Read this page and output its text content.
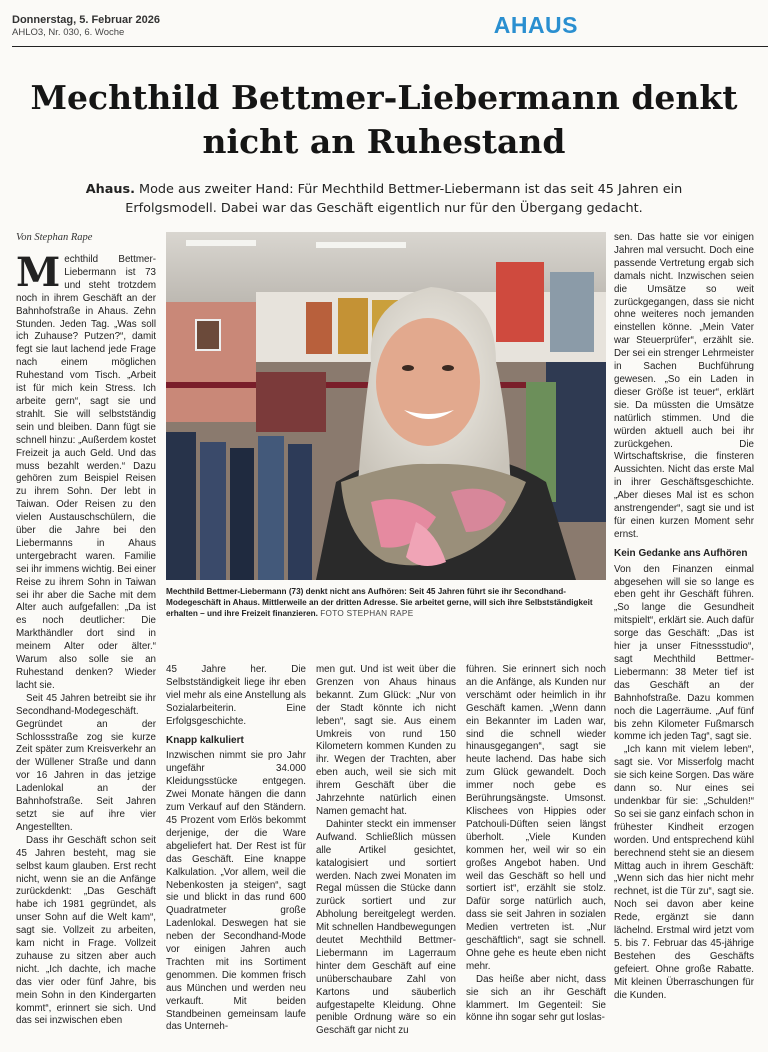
Donnerstag, 5. Februar 2026
AHLO3, Nr. 030, 6. Woche	AHAUS
Mechthild Bettmer-Liebermann denkt nicht an Ruhestand
Ahaus. Mode aus zweiter Hand: Für Mechthild Bettmer-Liebermann ist das seit 45 Jahren ein Erfolgsmodell. Dabei war das Geschäft eigentlich nur für den Übergang gedacht.
Von Stephan Rape
Mechthild Bettmer-Liebermann (73) denkt nicht ans Aufhören: Seit 45 Jahren führt sie ihr Secondhand-Modegeschäft in Ahaus. Mittlerweile an der dritten Adresse. Sie arbeitet gerne, will sich ihre Selbstständigkeit erhalten – und ihre Freizeit finanzieren. FOTO STEPHAN RAPE

Mechthild Bettmer-Liebermann ist 73 und steht trotzdem noch in ihrem Geschäft an der Bahnhofstraße in Ahaus. Zehn Stunden. Jeden Tag. „Was soll ich Zuhause? Putzen?“, damit fegt sie laut lachend jede Frage nach einem möglichen Ruhestand vom Tisch. „Arbeit ist für mich kein Stress. Ich arbeite gern“, sagt sie und strahlt. Sie will selbstständig sein und bleiben. Dann fügt sie schnell hinzu: „Außerdem kostet Freizeit ja auch Geld. Und das muss bezahlt werden.“ Dazu gehören zum Beispiel Reisen zu ihrem Sohn. Der lebt in Taiwan. Oder Reisen zu den vielen Austauschschülern, die über die Jahre bei den Liebermanns in Ahaus untergebracht waren. Familie sei ihr immens wichtig. Bei einer Reise zu ihrem Sohn in Taiwan sei ihr aber die Sache mit dem Alter auch aufgefallen: „Da ist es noch deutlicher: Die Markthändler dort sind in meinem Alter oder älter.“ Warum also solle sie an Ruhestand denken? Wieder lacht sie.

Seit 45 Jahren betreibt sie ihr Secondhand-Modegeschäft. Gegründet an der Schlossstraße zog sie kurze Zeit später zum Kreisverkehr an der Wüllener Straße und dann vor 16 Jahren in das jetzige Ladenlokal an der Bahnhofstraße. Seit Jahren setzt sie auf ihre vier Angestellten.

Dass ihr Geschäft schon seit 45 Jahren besteht, mag sie selbst kaum glauben. Erst recht nicht, wenn sie an die Anfänge zurückdenkt: „Das Geschäft habe ich 1981 gegründet, als unser Sohn auf die Welt kam“, sagt sie. Vollzeit zu arbeiten, kam nicht in Frage. Vollzeit zuhause zu sitzen aber auch nicht. „Ich dachte, ich mache das vier oder fünf Jahre, bis mein Sohn in den Kindergarten kommt“, erinnert sie sich. Und das sei inzwischen eben

45 Jahre her. Die Selbstständigkeit liege ihr eben viel mehr als eine Anstellung als Sozialarbeiterin. Eine Erfolgsgeschichte.

Knapp kalkuliert

Inzwischen nimmt sie pro Jahr ungefähr 34.000 Kleidungsstücke entgegen. Zwei Monate hängen die dann zum Verkauf auf den Ständern. 45 Prozent vom Erlös bekommt derjenige, der die Ware abgeliefert hat. Der Rest ist für das Geschäft. Eine knappe Kalkulation. „Vor allem, weil die Nebenkosten ja steigen“, sagt sie und blickt in das rund 600 Quadratmeter große Ladenlokal. Deswegen hat sie neben der Secondhand-Mode vor einigen Jahren auch Trachten mit ins Sortiment genommen. Die kommen frisch aus München und werden neu verkauft. Mit beiden Standbeinen gemeinsam laufe das Unterneh-

men gut. Und ist weit über die Grenzen von Ahaus hinaus bekannt. Zum Glück: „Nur von der Stadt könnte ich nicht leben“, sagt sie. Aus einem Umkreis von rund 150 Kilometern kommen Kunden zu ihr. Wegen der Trachten, aber eben auch, weil sie sich mit ihrem Geschäft über die Jahrzehnte natürlich einen Namen gemacht hat.

Dahinter steckt ein immenser Aufwand. Schließlich müssen alle Artikel gesichtet, katalogisiert und sortiert werden. Nach zwei Monaten im Regal müssen die Stücke dann zurück sortiert und zur Abholung bereitgelegt werden. Mit schnellen Handbewegungen deutet Mechthild Bettmer-Liebermann im Lagerraum hinter dem Geschäft auf eine unüberschaubare Zahl von Kartons und säuberlich aufgestapelte Kleidung. Ohne penible Ordnung wäre so ein Geschäft gar nicht zu

führen. Sie erinnert sich noch an die Anfänge, als Kunden nur verschämt oder heimlich in ihr Geschäft kamen. „Wenn dann ein Bekannter im Laden war, sind die schnell wieder hinausgegangen“, sagt sie heute lachend. Das habe sich zum Glück gewandelt. Doch immer noch gebe es Berührungsängste. Umsonst. Klischees von Hippies oder Patchouli-Düften seien längst überholt. „Viele Kunden kommen her, weil wir so ein großes Angebot haben. Und weil das Geschäft so hell und sortiert ist“, erzählt sie stolz. Dafür sorge natürlich auch, dass sie seit Jahren in sozialen Medien vertreten ist. „Nur geschäftlich“, sagt sie schnell. Ohne gehe es heute eben nicht mehr.

Das heiße aber nicht, dass sie sich an ihr Geschäft klammert. Im Gegenteil: Sie könne ihn sogar sehr gut loslas-

sen. Das hatte sie vor einigen Jahren mal versucht. Doch eine passende Vertretung ergab sich damals nicht. Inzwischen seien die Umsätze so weit zurückgegangen, dass sie nicht ohne weiteres noch jemanden einstellen könne. „Mein Vater war Steuerprüfer“, erzählt sie. Der sei ein strenger Lehrmeister in Sachen Buchführung gewesen. „So ein Laden in dieser Größe ist teuer“, erklärt sie. Da müssten die Umsätze natürlich stimmen. Und die würden aktuell auch bei ihr zurückgehen. Die Wirtschaftskrise, die finsteren Aussichten. Nicht das erste Mal in ihrer Geschäftsgeschichte. „Aber dieses Mal ist es schon anstrengender“, sagt sie und ist für einen kurzen Moment sehr ernst.

Kein Gedanke ans Aufhören

Von den Finanzen einmal abgesehen will sie so lange es eben geht ihr Geschäft führen. „So lange die Gesundheit mitspielt“, erklärt sie. Auch dafür sorge das Geschäft: „Das ist hier ja unser Fitnessstudio“, sagt Mechthild Bettmer-Liebermann: 38 Meter tief ist das Geschäft an der Bahnhofstraße. Dazu kommen noch die Lagerräume. „Auf fünf bis zehn Kilometer Fußmarsch komme ich jeden Tag“, sagt sie.

„Ich kann mit vielem leben“, sagt sie. Vor Misserfolg macht sie sich keine Sorgen. Das wäre dann so. Nur eines sei undenkbar für sie: „Schulden!“ So sei sie ganz einfach schon in frühester Kindheit erzogen worden. Und entsprechend kühl berechnend steht sie an diesem Mittag auch in ihrem Geschäft: „Wenn sich das hier nicht mehr rechnet, ist die Tür zu“, sagt sie. Noch sei davon aber keine Rede, ergänzt sie dann lächelnd. Erstmal wird jetzt vom 5. bis 7. Februar das 45-jährige Bestehen des Geschäfts gefeiert. Ohne große Rabatte. Mit kleinen Überraschungen für die Kunden.
